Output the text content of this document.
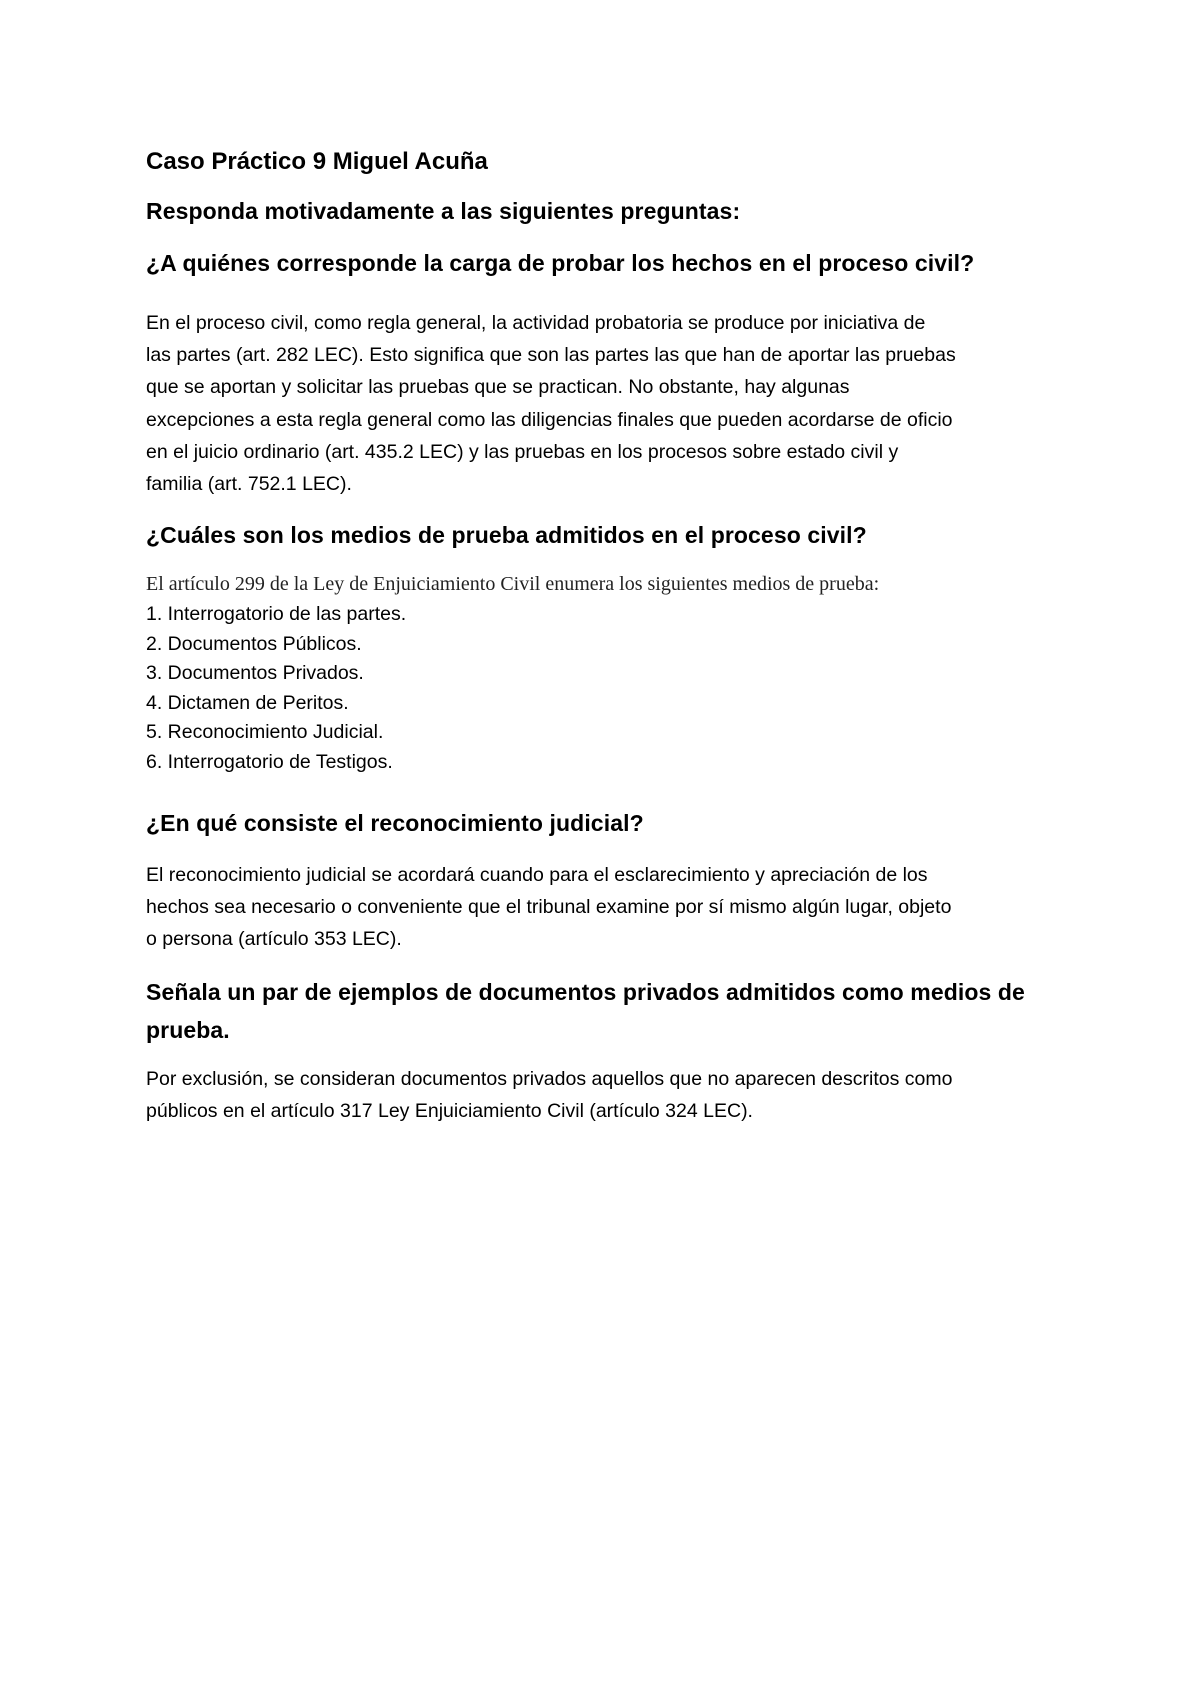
Caso Práctico 9 Miguel Acuña
Responda motivadamente a las siguientes preguntas:
¿A quiénes corresponde la carga de probar los hechos en el proceso civil?
En el proceso civil, como regla general, la actividad probatoria se produce por iniciativa de
las partes (art. 282 LEC). Esto significa que son las partes las que han de aportar las pruebas
que se aportan y solicitar las pruebas que se practican. No obstante, hay algunas
excepciones a esta regla general como las diligencias finales que pueden acordarse de oficio
en el juicio ordinario (art. 435.2 LEC) y las pruebas en los procesos sobre estado civil y
familia (art. 752.1 LEC).
¿Cuáles son los medios de prueba admitidos en el proceso civil?
El artículo 299 de la Ley de Enjuiciamiento Civil enumera los siguientes medios de prueba:
1. Interrogatorio de las partes.
2. Documentos Públicos.
3. Documentos Privados.
4. Dictamen de Peritos.
5. Reconocimiento Judicial.
6. Interrogatorio de Testigos.
¿En qué consiste el reconocimiento judicial?
El reconocimiento judicial se acordará cuando para el esclarecimiento y apreciación de los
hechos sea necesario o conveniente que el tribunal examine por sí mismo algún lugar, objeto
o persona (artículo 353 LEC).
Señala un par de ejemplos de documentos privados admitidos como medios de prueba.
Por exclusión, se consideran documentos privados aquellos que no aparecen descritos como
públicos en el artículo 317 Ley Enjuiciamiento Civil (artículo 324 LEC).
